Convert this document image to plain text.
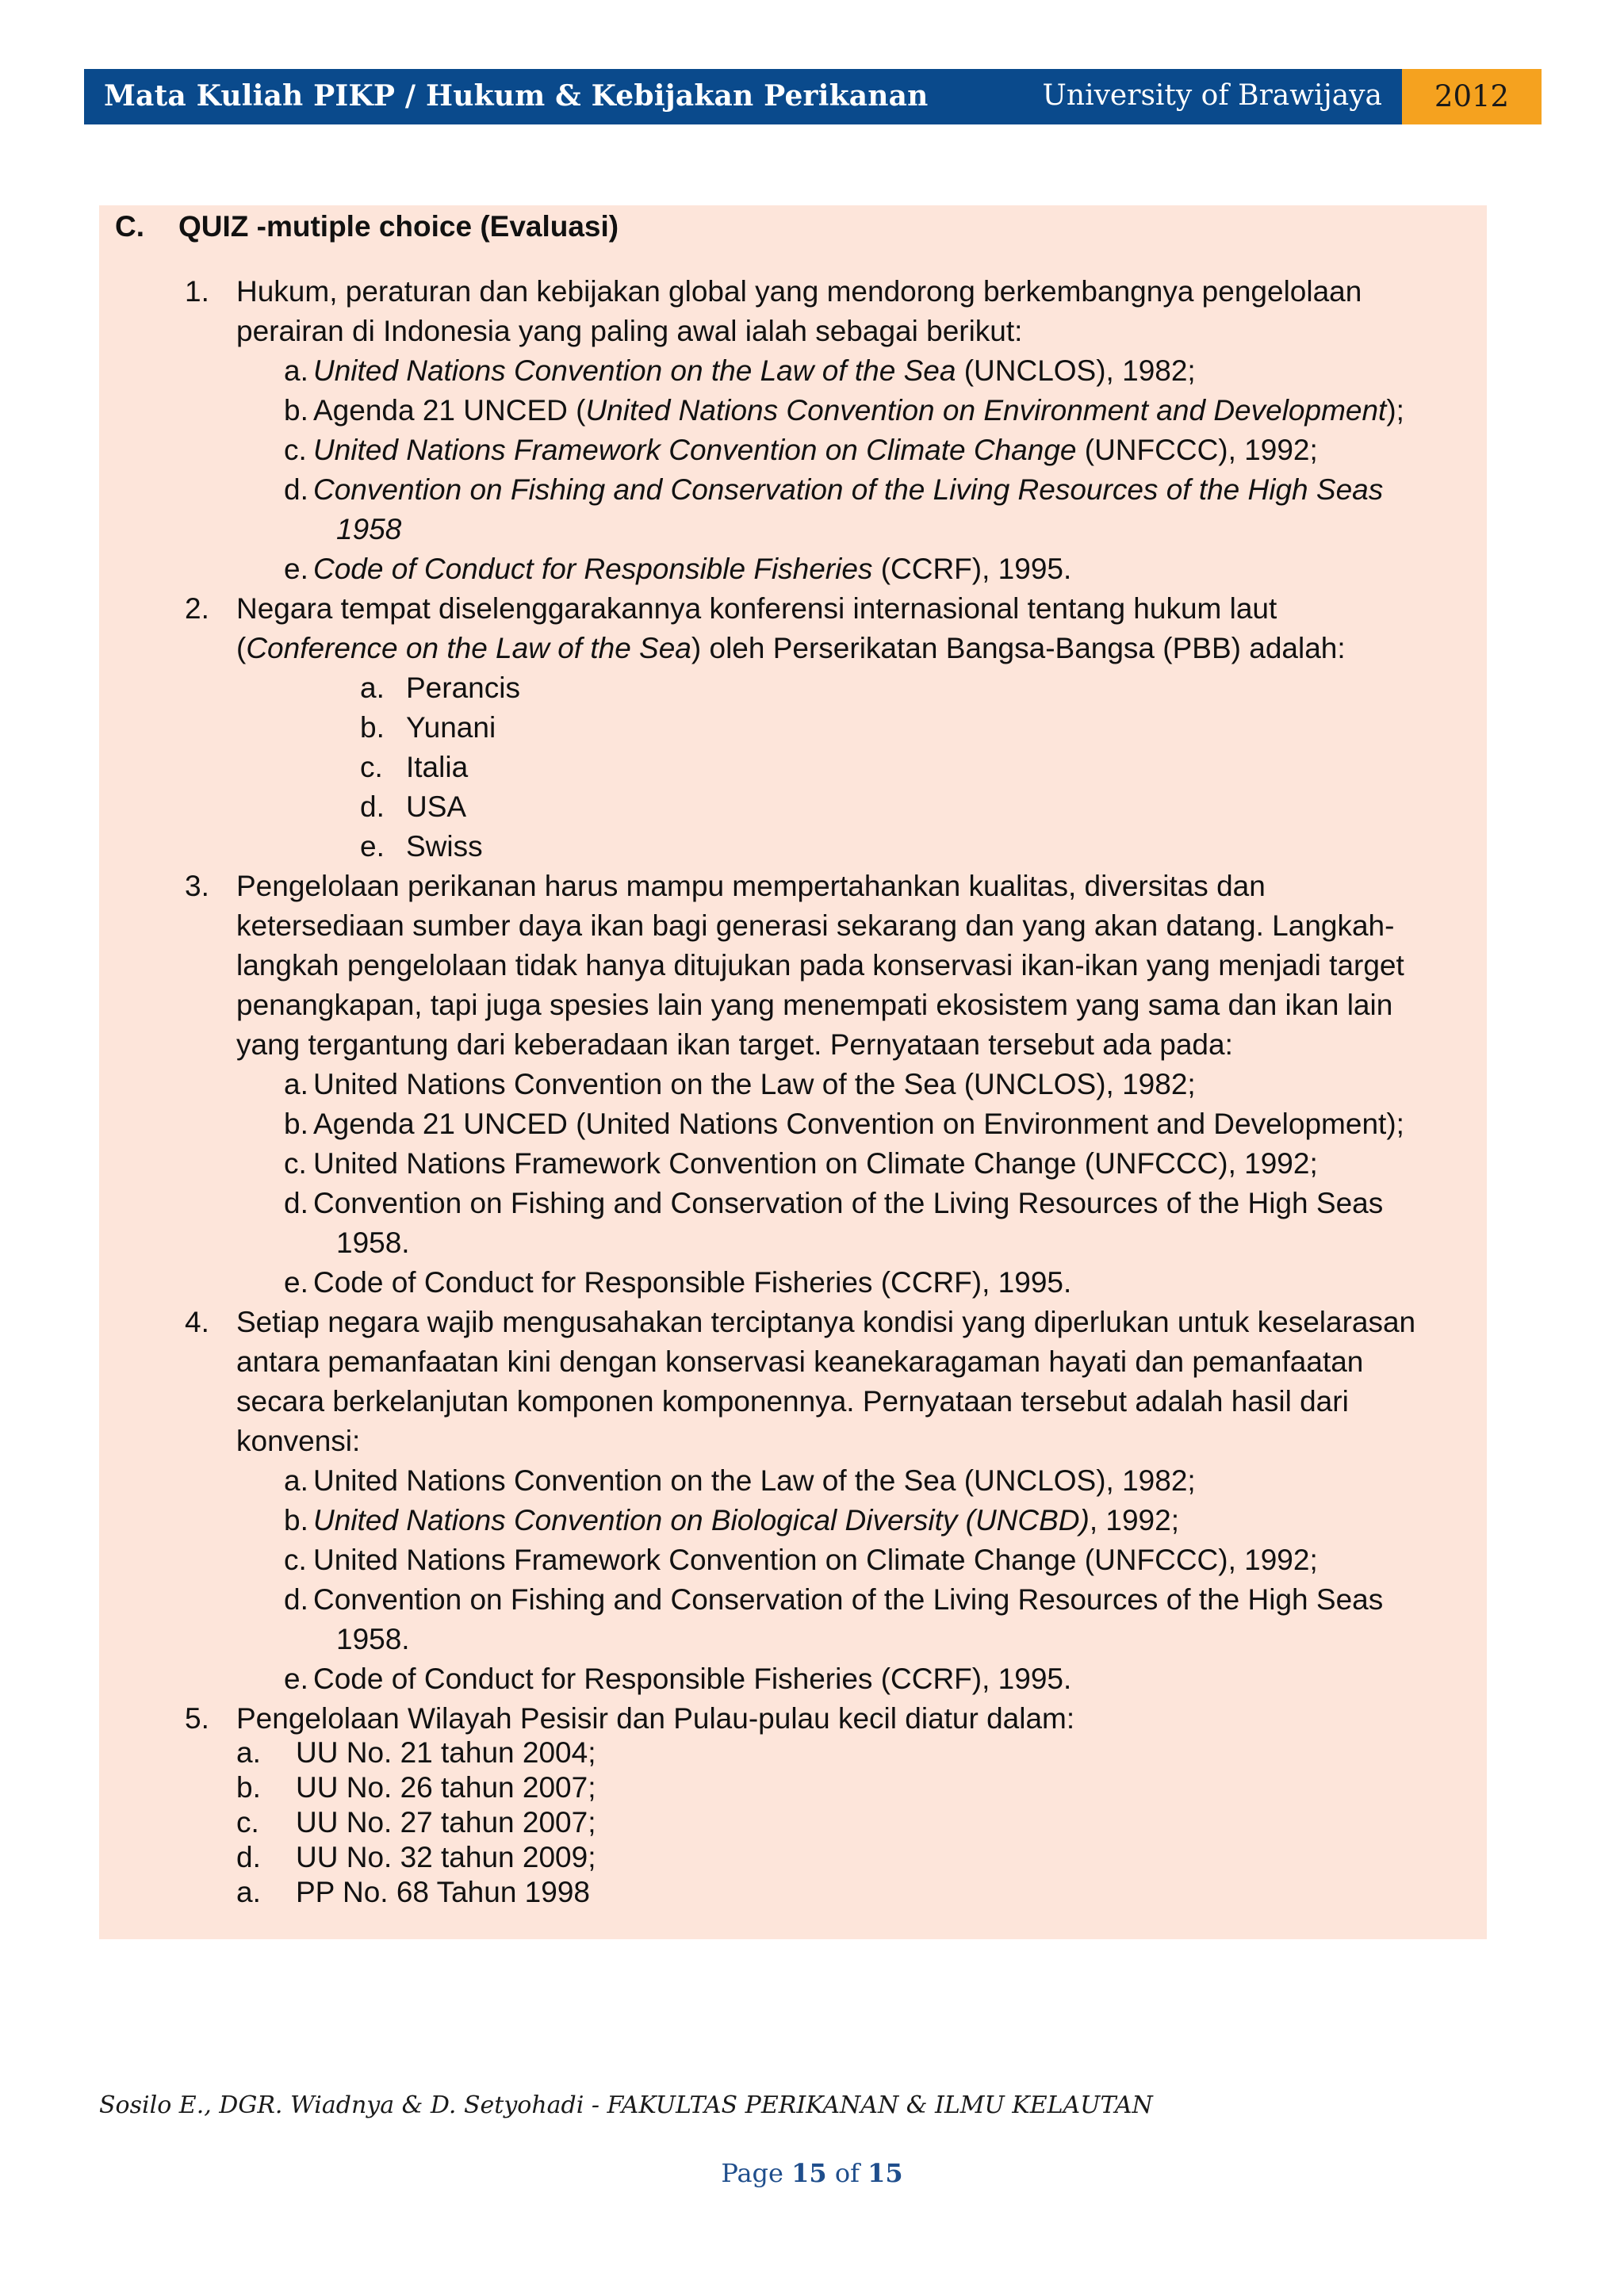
Mata Kuliah PIKP / Hukum & Kebijakan Perikanan	University of Brawijaya	2012
C. QUIZ -mutiple choice (Evaluasi)
1. Hukum, peraturan dan kebijakan global yang mendorong berkembangnya pengelolaan
perairan di Indonesia yang paling awal ialah sebagai berikut:
a. United Nations Convention on the Law of the Sea (UNCLOS), 1982;
b. Agenda 21 UNCED (United Nations Convention on Environment and Development);
c. United Nations Framework Convention on Climate Change (UNFCCC), 1992;
d. Convention on Fishing and Conservation of the Living Resources of the High Seas
1958
e. Code of Conduct for Responsible Fisheries (CCRF), 1995.
2. Negara tempat diselenggarakannya konferensi internasional tentang hukum laut
(Conference on the Law of the Sea) oleh Perserikatan Bangsa-Bangsa (PBB) adalah:
a. Perancis
b. Yunani
c. Italia
d. USA
e. Swiss
3. Pengelolaan perikanan harus mampu mempertahankan kualitas, diversitas dan
ketersediaan sumber daya ikan bagi generasi sekarang dan yang akan datang. Langkah-
langkah pengelolaan tidak hanya ditujukan pada konservasi ikan-ikan yang menjadi target
penangkapan, tapi juga spesies lain yang menempati ekosistem yang sama dan ikan lain
yang tergantung dari keberadaan ikan target. Pernyataan tersebut ada pada:
a. United Nations Convention on the Law of the Sea (UNCLOS), 1982;
b. Agenda 21 UNCED (United Nations Convention on Environment and Development);
c. United Nations Framework Convention on Climate Change (UNFCCC), 1992;
d. Convention on Fishing and Conservation of the Living Resources of the High Seas
1958.
e. Code of Conduct for Responsible Fisheries (CCRF), 1995.
4. Setiap negara wajib mengusahakan terciptanya kondisi yang diperlukan untuk keselarasan
antara pemanfaatan kini dengan konservasi keanekaragaman hayati dan pemanfaatan
secara berkelanjutan komponen komponennya. Pernyataan tersebut adalah hasil dari
konvensi:
a. United Nations Convention on the Law of the Sea (UNCLOS), 1982;
b. United Nations Convention on Biological Diversity (UNCBD), 1992;
c. United Nations Framework Convention on Climate Change (UNFCCC), 1992;
d. Convention on Fishing and Conservation of the Living Resources of the High Seas
1958.
e. Code of Conduct for Responsible Fisheries (CCRF), 1995.
5. Pengelolaan Wilayah Pesisir dan Pulau-pulau kecil diatur dalam:
a. UU No. 21 tahun 2004;
b. UU No. 26 tahun 2007;
c. UU No. 27 tahun 2007;
d. UU No. 32 tahun 2009;
a. PP No. 68 Tahun 1998
Sosilo E., DGR. Wiadnya & D. Setyohadi - FAKULTAS PERIKANAN & ILMU KELAUTAN
Page 15 of 15
